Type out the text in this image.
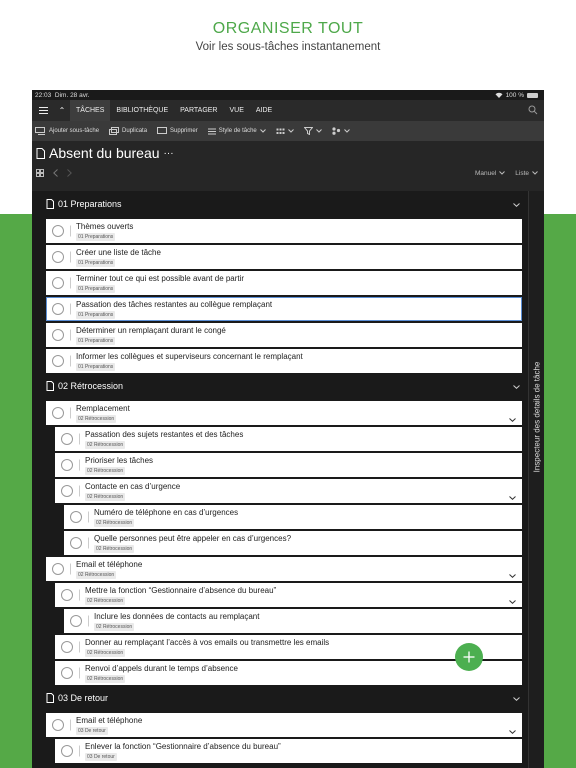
ORGANISER TOUT
Voir les sous-tâches instantanement
22:03 Dim. 28 avr.	100 %
⌃	TÂCHES	BIBLIOTHÈQUE	PARTAGER	VUE	AIDE
Ajouter sous-tâche	Duplicata	Supprimer	Style de tâche
Absent du bureau ···
Manuel	Liste
01 Preparations
Thèmes ouverts
01 Preparations
Créer une liste de tâche
01 Preparations
Terminer tout ce qui est possible avant de partir
01 Preparations
Passation des tâches restantes au collègue remplaçant
01 Preparations
Déterminer un remplaçant durant le congé
01 Preparations
Informer les collègues et superviseurs concernant le remplaçant
01 Preparations
02 Rétrocession
Remplacement
02 Rétrocession
Passation des sujets restantes et des tâches
02 Rétrocession
Prioriser les tâches
02 Rétrocession
Contacte en cas d’urgence
02 Rétrocession
Numéro de téléphone en cas d’urgences
02 Rétrocession
Quelle personnes peut être appeler en cas d’urgences?
02 Rétrocession
Email et téléphone
02 Rétrocession
Mettre la fonction “Gestionnaire d’absence du bureau”
02 Rétrocession
Inclure les données de contacts au remplaçant
02 Rétrocession
Donner au remplaçant l’accès à vos emails ou transmettre les emails
02 Rétrocession
Renvoi d’appels durant le temps d’absence
02 Rétrocession
03 De retour
Email et téléphone
03 De retour
Enlever la fonction “Gestionnaire d’absence du bureau”
03 De retour
Inspecteur des details de tâche
